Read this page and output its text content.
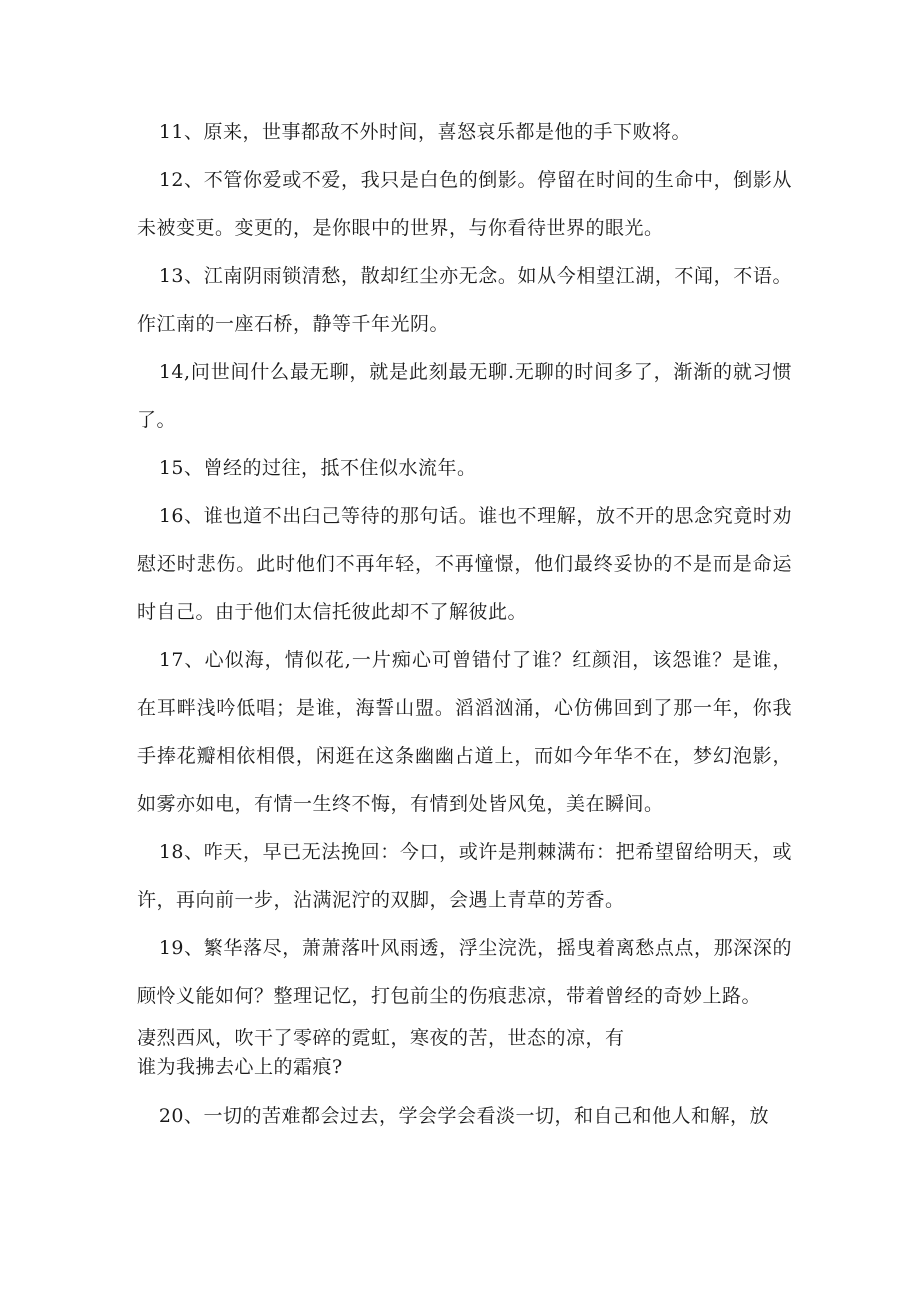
11、原来，世事都敌不外时间，喜怒哀乐都是他的手下败将。

12、不管你爱或不爱，我只是白色的倒影。停留在时间的生命中，倒影从未被变更。变更的，是你眼中的世界，与你看待世界的眼光。

13、江南阴雨锁清愁，散却红尘亦无念。如从今相望江湖，不闻，不语。作江南的一座石桥，静等千年光阴。

14,问世间什么最无聊，就是此刻最无聊.无聊的时间多了，渐渐的就习惯了。

15、曾经的过往，抵不住似水流年。

16、谁也道不出臼己等待的那句话。谁也不理解，放不开的思念究竟时劝慰还时悲伤。此时他们不再年轻，不再憧憬，他们最终妥协的不是而是命运时自己。由于他们太信托彼此却不了解彼此。

17、心似海，情似花,一片痴心可曾错付了谁？红颜泪，该怨谁？是谁，在耳畔浅吟低唱；是谁，海誓山盟。滔滔汹涌，心仿佛回到了那一年，你我手捧花瓣相依相偎，闲逛在这条幽幽占道上，而如今年华不在，梦幻泡影，如雾亦如电，有情一生终不悔，有情到处皆风兔，美在瞬间。

18、咋天，早已无法挽回：今口，或许是荆棘满布：把希望留给明天，或许，再向前一步，沾满泥泞的双脚，会遇上青草的芳香。

19、繁华落尽，萧萧落叶风雨透，浮尘浣洗，摇曳着离愁点点，那深深的顾怜义能如何？整理记忆，打包前尘的伤痕悲凉，带着曾经的奇妙上路。

凄烈西风，吹干了零碎的霓虹，寒夜的苦，世态的凉，有
谁为我拂去心上的霜痕?

20、一切的苦难都会过去，学会学会看淡一切，和自己和他人和解，放
